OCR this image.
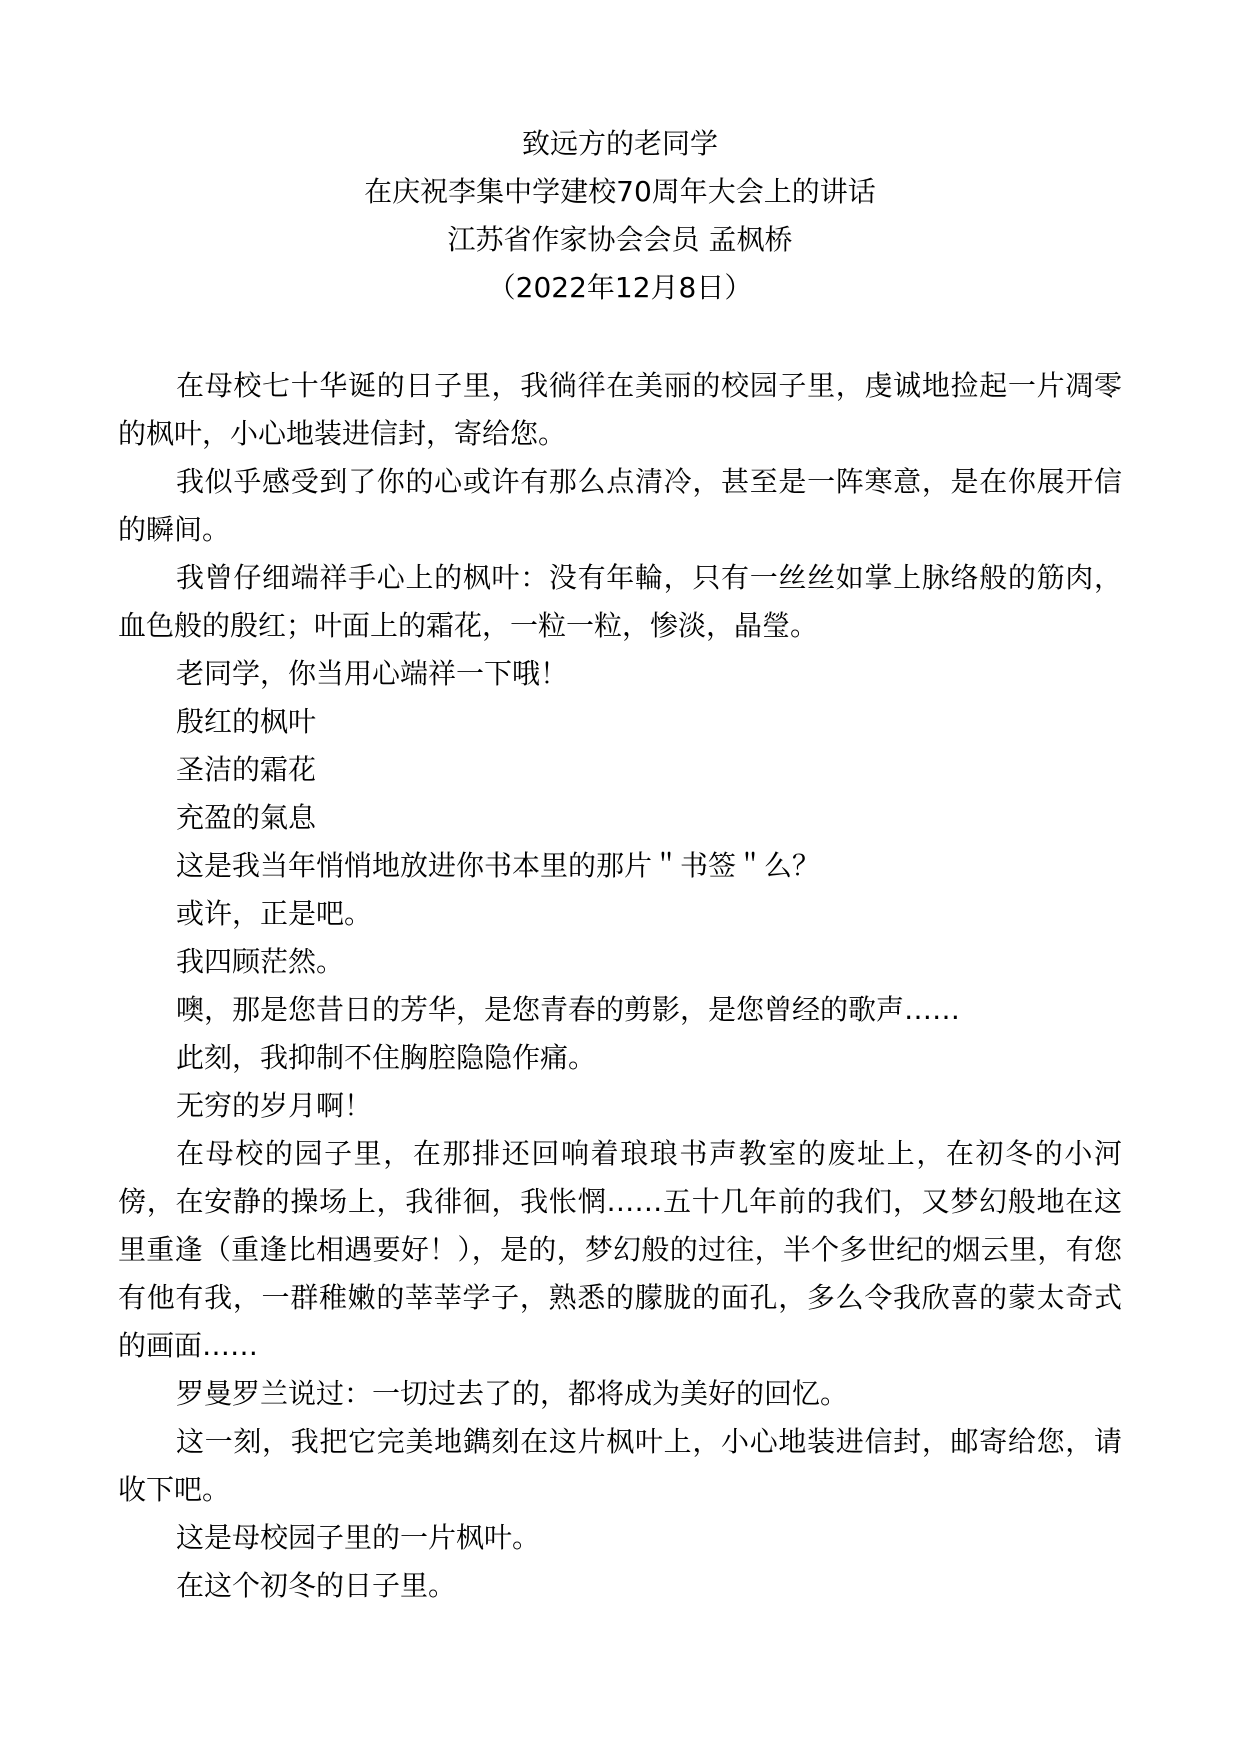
致远方的老同学
在庆祝李集中学建校70周年大会上的讲话
江苏省作家协会会员 孟枫桥
（2022年12月8日）

在母校七十华诞的日子里，我徜徉在美丽的校园子里，虔诚地捡起一片凋零的枫叶，小心地装进信封，寄给您。

我似乎感受到了你的心或许有那么点清冷，甚至是一阵寒意，是在你展开信的瞬间。

我曾仔细端祥手心上的枫叶：没有年輪，只有一丝丝如掌上脉络般的筋肉，血色般的殷红；叶面上的霜花，一粒一粒，惨淡，晶瑩。

老同学，你当用心端祥一下哦！

殷红的枫叶

圣洁的霜花

充盈的氣息

这是我当年悄悄地放进你书本里的那片＂书签＂么？

或许，正是吧。

我四顾茫然。

噢，那是您昔日的芳华，是您青春的剪影，是您曾经的歌声……

此刻，我抑制不住胸腔隐隐作痛。

无穷的岁月啊！

在母校的园子里，在那排还回响着琅琅书声教室的废址上，在初冬的小河傍，在安静的操场上，我徘徊，我怅惘……五十几年前的我们，又梦幻般地在这里重逢（重逢比相遇要好！），是的，梦幻般的过往，半个多世纪的烟云里，有您有他有我，一群稚嫩的莘莘学子，熟悉的朦胧的面孔，多么令我欣喜的蒙太奇式的画面……

罗曼罗兰说过：一切过去了的，都将成为美好的回忆。

这一刻，我把它完美地鐫刻在这片枫叶上，小心地装进信封，邮寄给您，请收下吧。

这是母校园子里的一片枫叶。

在这个初冬的日子里。
